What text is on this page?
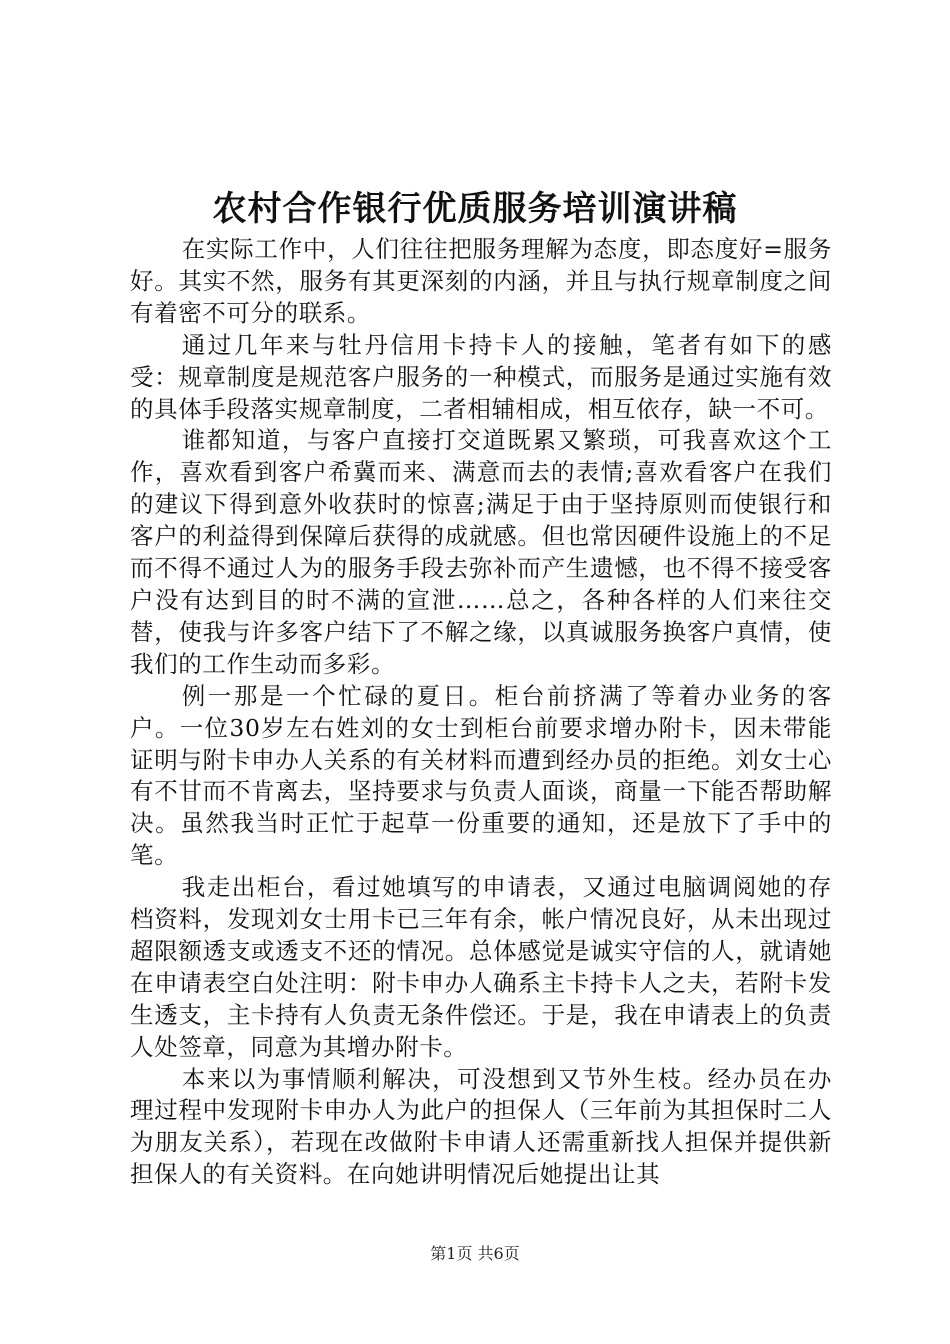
农村合作银行优质服务培训演讲稿

在实际工作中，人们往往把服务理解为态度，即态度好=服务好。其实不然，服务有其更深刻的内涵，并且与执行规章制度之间有着密不可分的联系。

通过几年来与牡丹信用卡持卡人的接触，笔者有如下的感受：规章制度是规范客户服务的一种模式，而服务是通过实施有效的具体手段落实规章制度，二者相辅相成，相互依存，缺一不可。

谁都知道，与客户直接打交道既累又繁琐，可我喜欢这个工作，喜欢看到客户希冀而来、满意而去的表情;喜欢看客户在我们的建议下得到意外收获时的惊喜;满足于由于坚持原则而使银行和客户的利益得到保障后获得的成就感。但也常因硬件设施上的不足而不得不通过人为的服务手段去弥补而产生遗憾，也不得不接受客户没有达到目的时不满的宣泄……总之，各种各样的人们来往交替，使我与许多客户结下了不解之缘，以真诚服务换客户真情，使我们的工作生动而多彩。

例一那是一个忙碌的夏日。柜台前挤满了等着办业务的客户。一位30岁左右姓刘的女士到柜台前要求增办附卡，因未带能证明与附卡申办人关系的有关材料而遭到经办员的拒绝。刘女士心有不甘而不肯离去，坚持要求与负责人面谈，商量一下能否帮助解决。虽然我当时正忙于起草一份重要的通知，还是放下了手中的笔。

我走出柜台，看过她填写的申请表，又通过电脑调阅她的存档资料，发现刘女士用卡已三年有余，帐户情况良好，从未出现过超限额透支或透支不还的情况。总体感觉是诚实守信的人，就请她在申请表空白处注明：附卡申办人确系主卡持卡人之夫，若附卡发生透支，主卡持有人负责无条件偿还。于是，我在申请表上的负责人处签章，同意为其增办附卡。

本来以为事情顺利解决，可没想到又节外生枝。经办员在办理过程中发现附卡申办人为此户的担保人（三年前为其担保时二人为朋友关系），若现在改做附卡申请人还需重新找人担保并提供新担保人的有关资料。在向她讲明情况后她提出让其

第1页 共6页
